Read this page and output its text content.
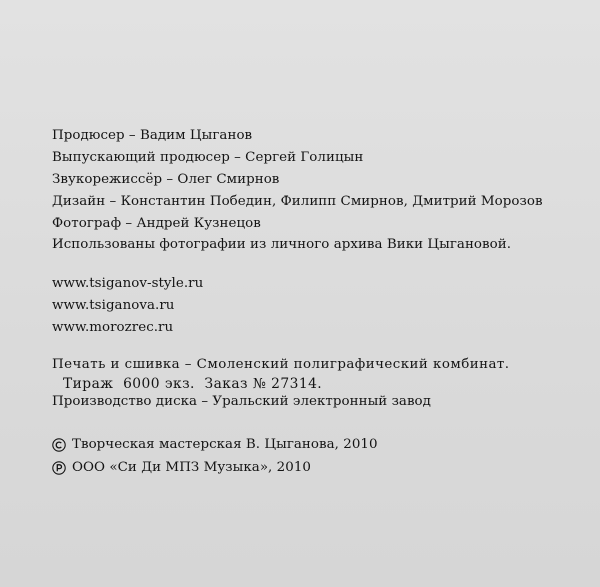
Продюсер – Вадим Цыганов
Выпускающий продюсер – Сергей Голицын
Звукорежиссёр – Олег Смирнов
Дизайн – Константин Победин, Филипп Смирнов, Дмитрий Морозов
Фотограф – Андрей Кузнецов
Использованы фотографии из личного архива Вики Цыгановой.
www.tsiganov-style.ru
www.tsiganova.ru
www.morozrec.ru
Печать и сшивка – Смоленский полиграфический комбинат.
Тираж  6000 экз.  Заказ № 27314.
Производство диска – Уральский электронный завод
Творческая мастерская В. Цыганова, 2010
ООО «Си Ди МПЗ Музыка», 2010
